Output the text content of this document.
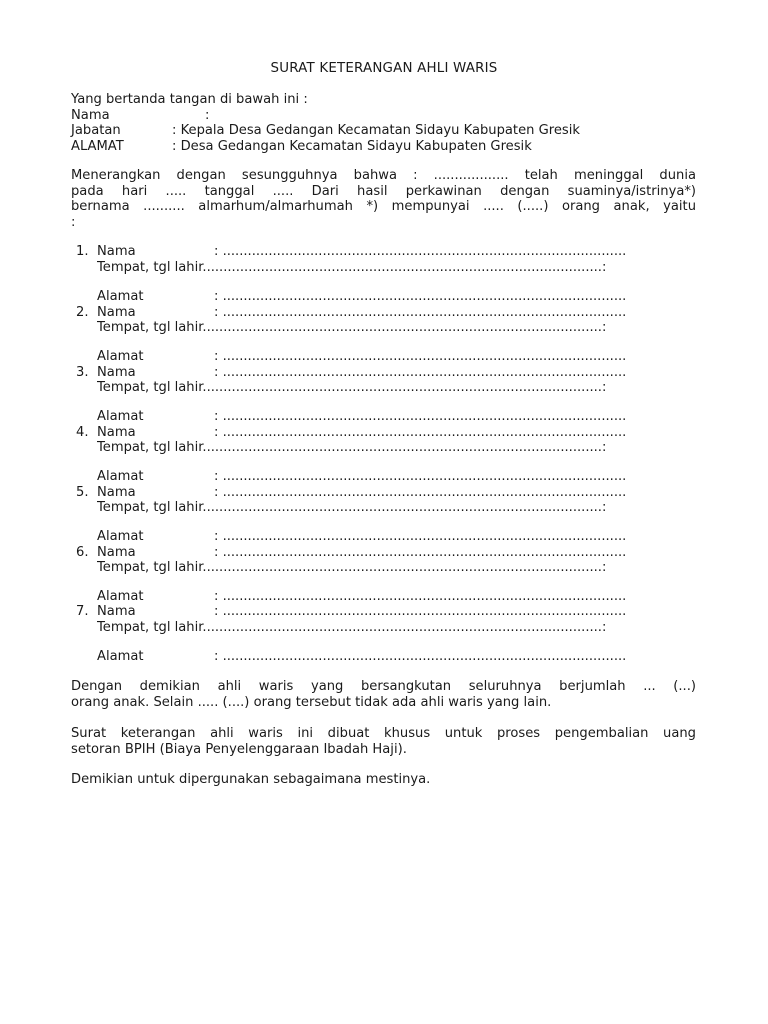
SURAT KETERANGAN AHLI WARIS
Yang bertanda tangan di bawah ini :
Nama	:
Jabatan	: Kepala Desa Gedangan Kecamatan Sidayu Kabupaten Gresik
ALAMAT	: Desa Gedangan Kecamatan Sidayu Kabupaten Gresik
Menerangkan dengan sesungguhnya bahwa : .................. telah meninggal dunia
pada hari ..... tanggal ..... Dari hasil perkawinan dengan suaminya/istrinya*)
bernama .......... almarhum/almarhumah *) mempunyai ..... (.....) orang anak, yaitu
:
1. Nama	: .................................................................................................
Tempat, tgl lahir................................................................................................:
Alamat	: .................................................................................................
2. Nama	: .................................................................................................
Tempat, tgl lahir................................................................................................:
Alamat	: .................................................................................................
3. Nama	: .................................................................................................
Tempat, tgl lahir................................................................................................:
Alamat	: .................................................................................................
4. Nama	: .................................................................................................
Tempat, tgl lahir................................................................................................:
Alamat	: .................................................................................................
5. Nama	: .................................................................................................
Tempat, tgl lahir................................................................................................:
Alamat	: .................................................................................................
6. Nama	: .................................................................................................
Tempat, tgl lahir................................................................................................:
Alamat	: .................................................................................................
7. Nama	: .................................................................................................
Tempat, tgl lahir................................................................................................:
Alamat	: .................................................................................................
Dengan demikian ahli waris yang bersangkutan seluruhnya berjumlah ... (...)
orang anak. Selain ..... (....) orang tersebut tidak ada ahli waris yang lain.
Surat keterangan ahli waris ini dibuat khusus untuk proses pengembalian uang
setoran BPIH (Biaya Penyelenggaraan Ibadah Haji).
Demikian untuk dipergunakan sebagaimana mestinya.
